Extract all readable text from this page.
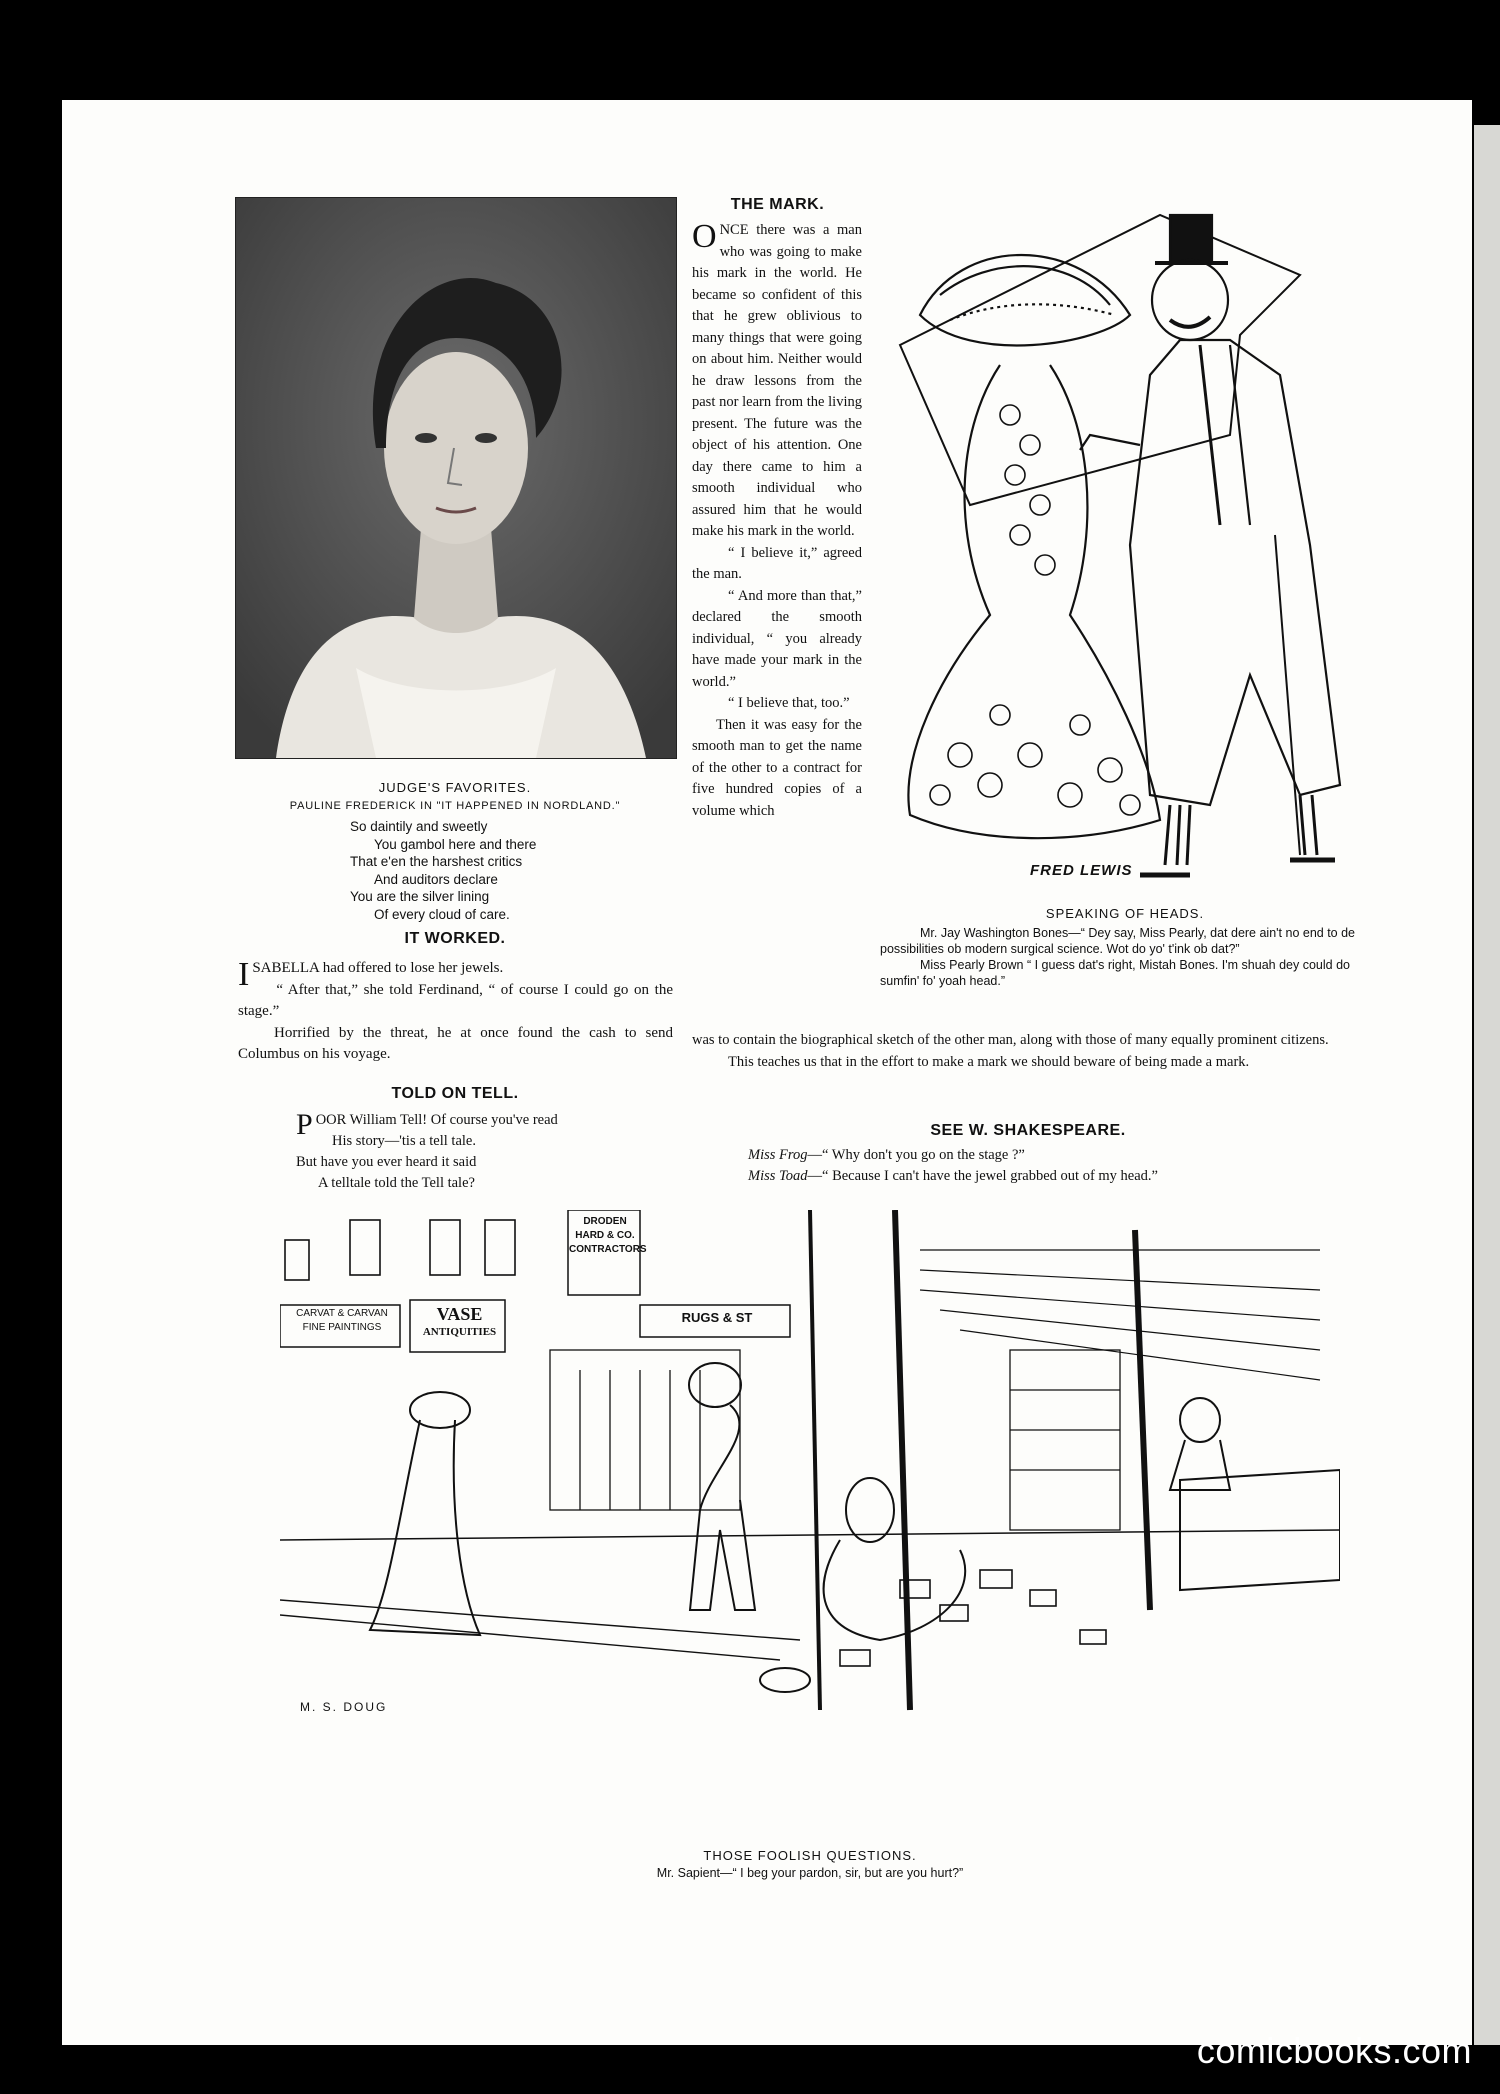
JUDGE'S FAVORITES.
PAULINE FREDERICK IN "IT HAPPENED IN NORDLAND."
So daintily and sweetly
You gambol here and there
That e'en the harshest critics
And auditors declare
You are the silver lining
Of every cloud of care.
IT WORKED.

ISABELLA had offered to lose her jewels.

“ After that,” she told Ferdinand, “ of course I could go on the stage.”

Horrified by the threat, he at once found the cash to send Columbus on his voyage.

TOLD ON TELL.
POOR William Tell! Of course you've read
His story—'tis a tell tale.
But have you ever heard it said
A telltale told the Tell tale?
THE MARK.

ONCE there was a man who was going to make his mark in the world. He became so confident of this that he grew oblivious to many things that were going on about him. Neither would he draw lessons from the past nor learn from the living present. The future was the object of his attention. One day there came to him a smooth individual who assured him that he would make his mark in the world.

“ I believe it,” agreed the man.

“ And more than that,” declared the smooth individual, “ you already have made your mark in the world.”

“ I believe that, too.”

Then it was easy for the smooth man to get the name of the other to a contract for five hundred copies of a volume which

was to contain the biographical sketch of the other man, along with those of many equally prominent citizens.

This teaches us that in the effort to make a mark we should beware of being made a mark.

FRED LEWIS
SPEAKING OF HEADS.

Mr. Jay Washington Bones—“ Dey say, Miss Pearly, dat dere ain't no end to de possibilities ob modern surgical science. Wot do yo' t'ink ob dat?”

Miss Pearly Brown “ I guess dat's right, Mistah Bones. I'm shuah dey could do sumfin' fo' yoah head.”

SEE W. SHAKESPEARE.
Miss Frog—“ Why don't you go on the stage ?”
Miss Toad—“ Because I can't have the jewel grabbed out of my head.”
CARVAT & CARVAN
FINE PAINTINGS
VASE
ANTIQUITIES
DRODEN HARD & CO.
CONTRACTORS
RUGS & ST
M. S. DOUG
THOSE FOOLISH QUESTIONS.
Mr. Sapient—“ I beg your pardon, sir, but are you hurt?”
comicbooks.com
